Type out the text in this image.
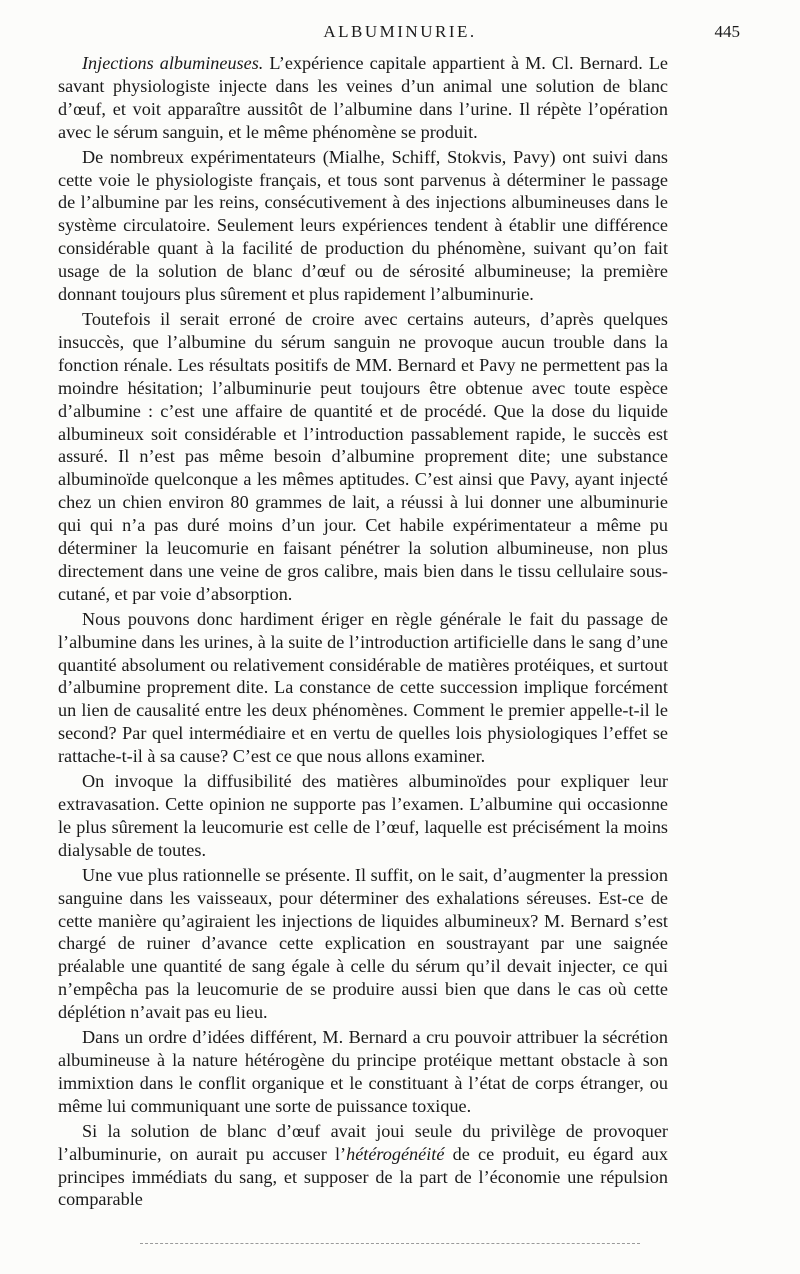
ALBUMINURIE.	445

Injections albumineuses. L’expérience capitale appartient à M. Cl. Bernard. Le savant physiologiste injecte dans les veines d’un animal une solution de blanc d’œuf, et voit apparaître aussitôt de l’albumine dans l’urine. Il répète l’opération avec le sérum sanguin, et le même phénomène se produit.

De nombreux expérimentateurs (Mialhe, Schiff, Stokvis, Pavy) ont suivi dans cette voie le physiologiste français, et tous sont parvenus à déterminer le passage de l’albumine par les reins, consécutivement à des injections albumineuses dans le système circulatoire. Seulement leurs expériences tendent à établir une différence considérable quant à la facilité de production du phénomène, suivant qu’on fait usage de la solution de blanc d’œuf ou de sérosité albumineuse; la première donnant toujours plus sûrement et plus rapidement l’albuminurie.

Toutefois il serait erroné de croire avec certains auteurs, d’après quelques insuccès, que l’albumine du sérum sanguin ne provoque aucun trouble dans la fonction rénale. Les résultats positifs de MM. Bernard et Pavy ne permettent pas la moindre hésitation; l’albuminurie peut toujours être obtenue avec toute espèce d’albumine : c’est une affaire de quantité et de procédé. Que la dose du liquide albumineux soit considérable et l’introduction passablement rapide, le succès est assuré. Il n’est pas même besoin d’albumine proprement dite; une substance albuminoïde quelconque a les mêmes aptitudes. C’est ainsi que Pavy, ayant injecté chez un chien environ 80 grammes de lait, a réussi à lui donner une albuminurie qui qui n’a pas duré moins d’un jour. Cet habile expérimentateur a même pu déterminer la leucomurie en faisant pénétrer la solution albumineuse, non plus directement dans une veine de gros calibre, mais bien dans le tissu cellulaire sous-cutané, et par voie d’absorption.

Nous pouvons donc hardiment ériger en règle générale le fait du passage de l’albumine dans les urines, à la suite de l’introduction artificielle dans le sang d’une quantité absolument ou relativement considérable de matières protéiques, et surtout d’albumine proprement dite. La constance de cette succession implique forcément un lien de causalité entre les deux phénomènes. Comment le premier appelle-t-il le second? Par quel intermédiaire et en vertu de quelles lois physiologiques l’effet se rattache-t-il à sa cause? C’est ce que nous allons examiner.

On invoque la diffusibilité des matières albuminoïdes pour expliquer leur extravasation. Cette opinion ne supporte pas l’examen. L’albumine qui occasionne le plus sûrement la leucomurie est celle de l’œuf, laquelle est précisément la moins dialysable de toutes.

Une vue plus rationnelle se présente. Il suffit, on le sait, d’augmenter la pression sanguine dans les vaisseaux, pour déterminer des exhalations séreuses. Est-ce de cette manière qu’agiraient les injections de liquides albumineux? M. Bernard s’est chargé de ruiner d’avance cette explication en soustrayant par une saignée préalable une quantité de sang égale à celle du sérum qu’il devait injecter, ce qui n’empêcha pas la leucomurie de se produire aussi bien que dans le cas où cette déplétion n’avait pas eu lieu.

Dans un ordre d’idées différent, M. Bernard a cru pouvoir attribuer la sécrétion albumineuse à la nature hétérogène du principe protéique mettant obstacle à son immixtion dans le conflit organique et le constituant à l’état de corps étranger, ou même lui communiquant une sorte de puissance toxique.

Si la solution de blanc d’œuf avait joui seule du privilège de provoquer l’albuminurie, on aurait pu accuser l’hétérogénéité de ce produit, eu égard aux principes immédiats du sang, et supposer de la part de l’économie une répulsion comparable
